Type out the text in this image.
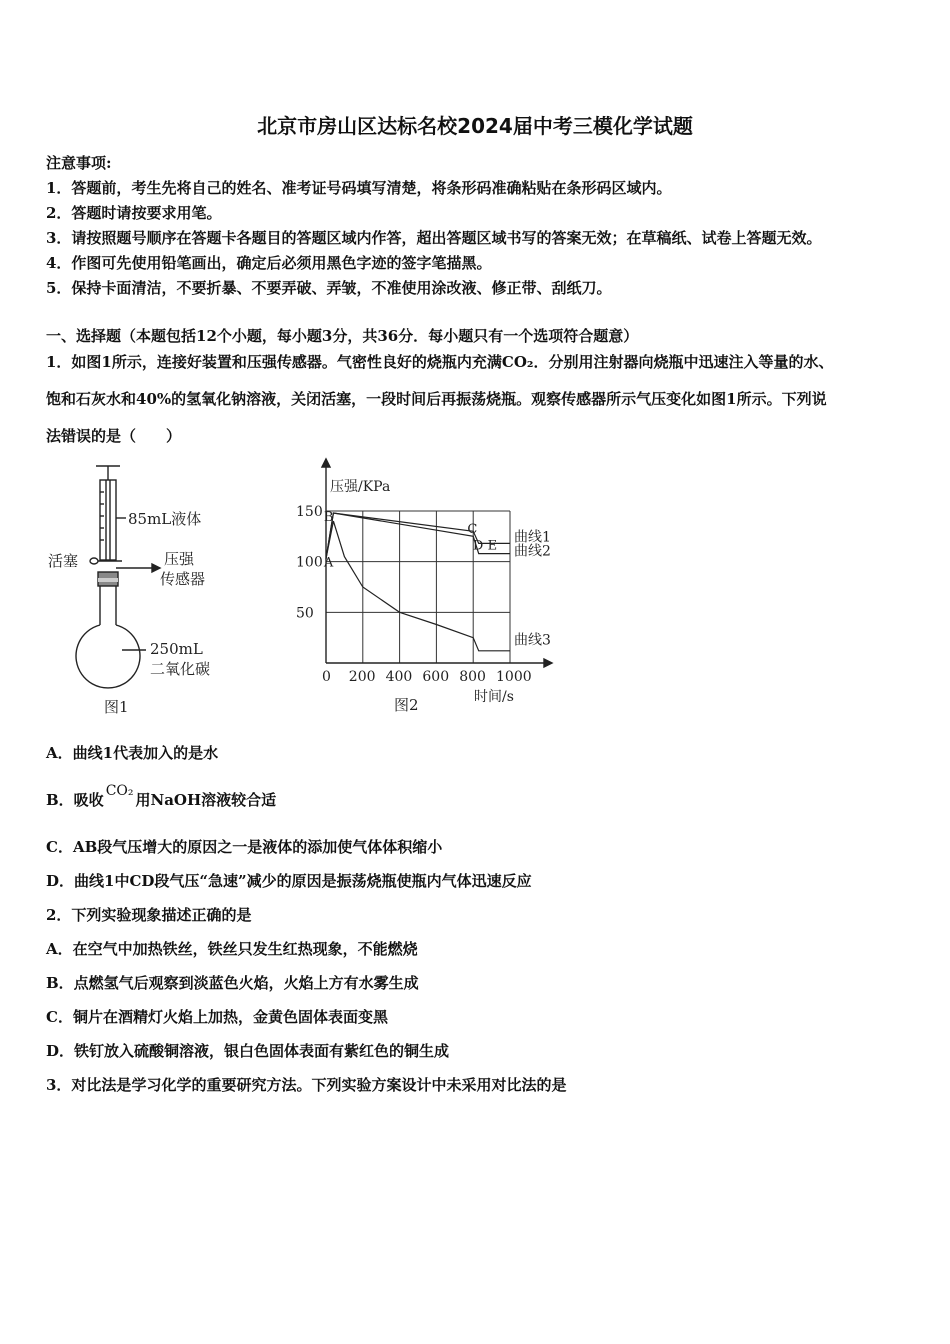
北京市房山区达标名校2024届中考三模化学试题
注意事项:
1．答题前，考生先将自己的姓名、准考证号码填写清楚，将条形码准确粘贴在条形码区域内。
2．答题时请按要求用笔。
3．请按照题号顺序在答题卡各题目的答题区域内作答，超出答题区域书写的答案无效；在草稿纸、试卷上答题无效。
4．作图可先使用铅笔画出，确定后必须用黑色字迹的签字笔描黑。
5．保持卡面清洁，不要折暴、不要弄破、弄皱，不准使用涂改液、修正带、刮纸刀。
一、选择题（本题包括12个小题，每小题3分，共36分．每小题只有一个选项符合题意）
1．如图1所示，连接好装置和压强传感器。气密性良好的烧瓶内充满CO₂．分别用注射器向烧瓶中迅速注入等量的水、
饱和石灰水和40%的氢氧化钠溶液，关闭活塞，一段时间后再振荡烧瓶。观察传感器所示气压变化如图1所示。下列说
法错误的是（　　）
85mL液体
活塞	压强
传感器
250mL
二氧化碳
图1
曲线1
曲线2
曲线3
A
B
C
D E
0 200 400 600 800 1000
50
100
150
压强/KPa
时间/s
图2
A．曲线1代表加入的是水
B．吸收 CO₂ 用NaOH溶液较合适
C．AB段气压增大的原因之一是液体的添加使气体体积缩小
D．曲线1中CD段气压“急速”减少的原因是振荡烧瓶使瓶内气体迅速反应
2．下列实验现象描述正确的是
A．在空气中加热铁丝，铁丝只发生红热现象，不能燃烧
B．点燃氢气后观察到淡蓝色火焰，火焰上方有水雾生成
C．铜片在酒精灯火焰上加热，金黄色固体表面变黑
D．铁钉放入硫酸铜溶液，银白色固体表面有紫红色的铜生成
3．对比法是学习化学的重要研究方法。下列实验方案设计中未采用对比法的是
